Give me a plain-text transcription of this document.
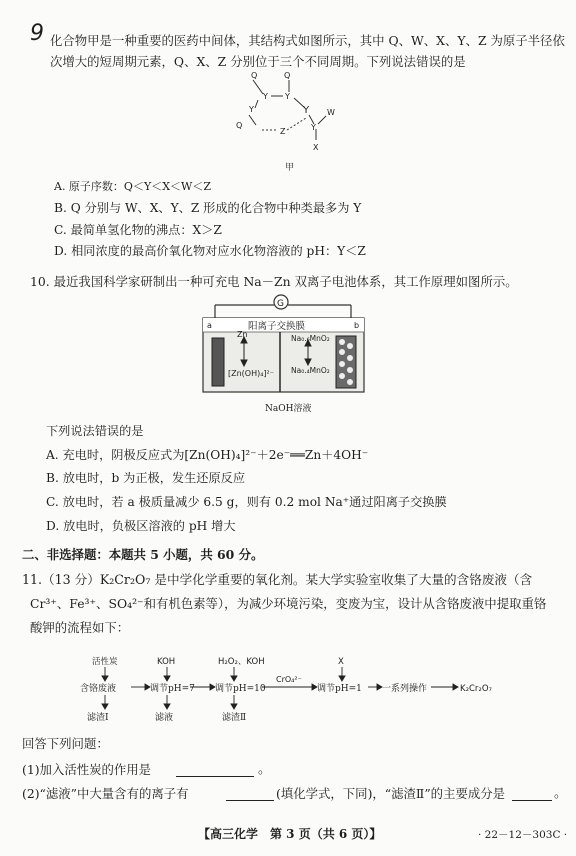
9 化合物甲是一种重要的医药中间体，其结构式如图所示，其中 Q、W、X、Y、Z 为原子半径依
次增大的短周期元素，Q、X、Z 分别位于三个不同周期。下列说法错误的是
Q
Y
Q
Y
Y	Y
Q
Z	Y
W
X
甲
A. 原子序数：Q＜Y＜X＜W＜Z
B. Q 分别与 W、X、Y、Z 形成的化合物中种类最多为 Y
C. 最简单氢化物的沸点：X＞Z
D. 相同浓度的最高价氧化物对应水化物溶液的 pH：Y＜Z
10. 最近我国科学家研制出一种可充电 Na－Zn 双离子电池体系，其工作原理如图所示。
G
a	b
阳离子交换膜
Zn
[Zn(OH)₄]²⁻
Na₀.₆MnO₂
Na₀.₄MnO₂
NaOH溶液
下列说法错误的是
A. 充电时，阴极反应式为[Zn(OH)₄]²⁻＋2e⁻══Zn＋4OH⁻
B. 放电时，b 为正极，发生还原反应
C. 放电时，若 a 极质量减少 6.5 g，则有 0.2 mol Na⁺通过阳离子交换膜
D. 放电时，负极区溶液的 pH 增大
二、非选择题：本题共 5 小题，共 60 分。
11.（13 分）K₂Cr₂O₇ 是中学化学重要的氧化剂。某大学实验室收集了大量的含铬废液（含
Cr³⁺、Fe³⁺、SO₄²⁻和有机色素等），为减少环境污染，变废为宝，设计从含铬废液中提取重铬
酸钾的流程如下：
活性炭	KOH	H₂O₂、KOH
CrO₄²⁻
X
含铬废液	调节pH=7 调节pH=10	调节pH=1 一系列操作	K₂Cr₂O₇
滤渣Ⅰ	滤液	滤渣Ⅱ
回答下列问题：
(1)加入活性炭的作用是	。
(2)“滤液”中大量含有的离子有	(填化学式，下同)，“滤渣Ⅱ”的主要成分是	。
【高三化学　第 3 页（共 6 页）】	· 22－12－303C ·
